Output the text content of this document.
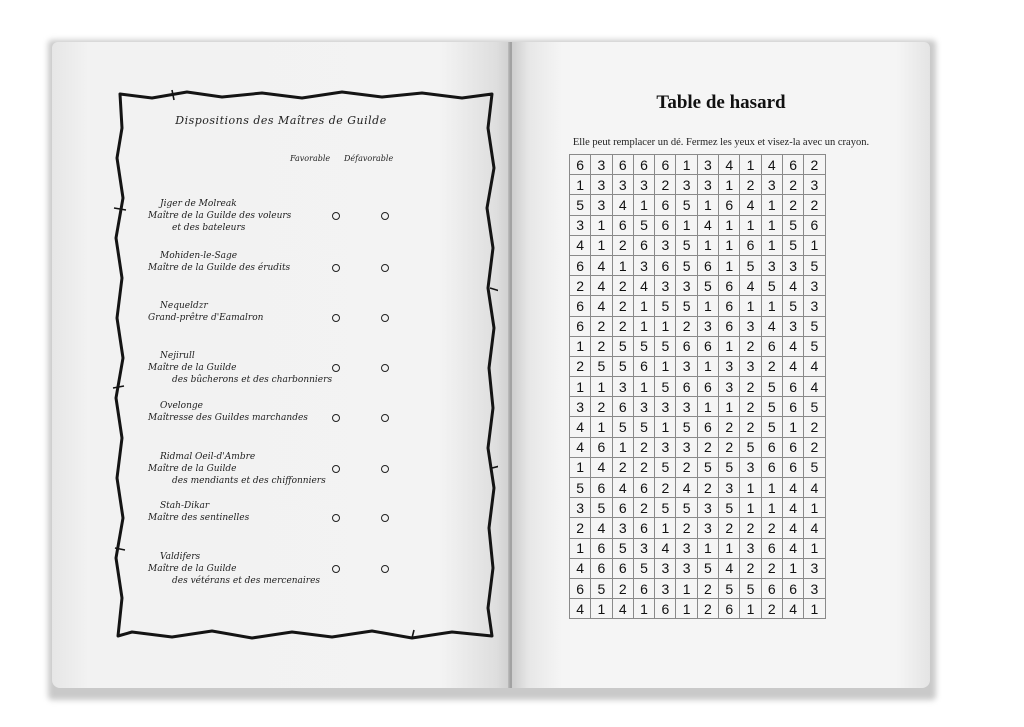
Dispositions des Maîtres de Guilde
Favorable Défavorable
Jiger de Molreak
Maître de la Guilde des voleurs
et des bateleurs
Mohiden-le-Sage
Maître de la Guilde des érudits
Nequeldzr
Grand-prêtre d'Eamalron
Nejirull
Maître de la Guilde
des bûcherons et des charbonniers
Ovelonge
Maîtresse des Guildes marchandes
Ridmal Oeil-d'Ambre
Maître de la Guilde
des mendiants et des chiffonniers
Stah-Dikar
Maître des sentinelles
Valdifers
Maître de la Guilde
des vétérans et des mercenaires
Table de hasard
Elle peut remplacer un dé. Fermez les yeux et visez-la avec un crayon.
6	3	6	6	6	1	3	4	1	4	6	2
1	3	3	3	2	3	3	1	2	3	2	3
5	3	4	1	6	5	1	6	4	1	2	2
3	1	6	5	6	1	4	1	1	1	5	6
4	1	2	6	3	5	1	1	6	1	5	1
6	4	1	3	6	5	6	1	5	3	3	5
2	4	2	4	3	3	5	6	4	5	4	3
6	4	2	1	5	5	1	6	1	1	5	3
6	2	2	1	1	2	3	6	3	4	3	5
1	2	5	5	5	6	6	1	2	6	4	5
2	5	5	6	1	3	1	3	3	2	4	4
1	1	3	1	5	6	6	3	2	5	6	4
3	2	6	3	3	3	1	1	2	5	6	5
4	1	5	5	1	5	6	2	2	5	1	2
4	6	1	2	3	3	2	2	5	6	6	2
1	4	2	2	5	2	5	5	3	6	6	5
5	6	4	6	2	4	2	3	1	1	4	4
3	5	6	2	5	5	3	5	1	1	4	1
2	4	3	6	1	2	3	2	2	2	4	4
1	6	5	3	4	3	1	1	3	6	4	1
4	6	6	5	3	3	5	4	2	2	1	3
6	5	2	6	3	1	2	5	5	6	6	3
4	1	4	1	6	1	2	6	1	2	4	1
